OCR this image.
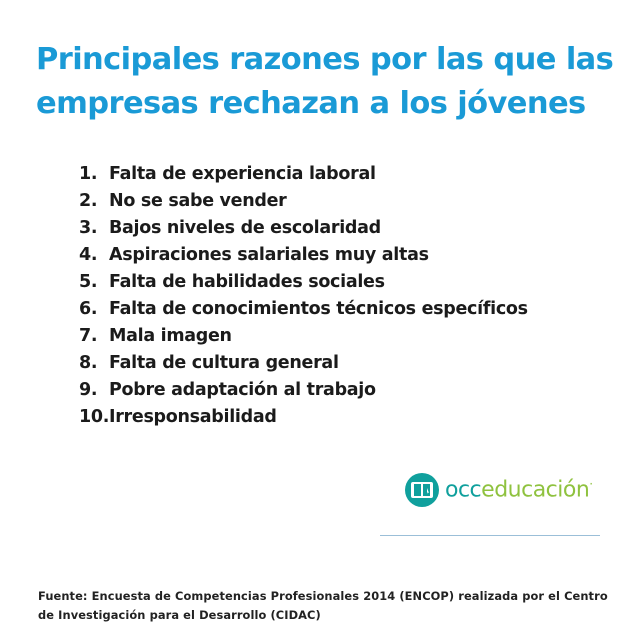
Principales razones por las que las
empresas rechazan a los jóvenes
1. Falta de experiencia laboral
2. No se sabe vender
3. Bajos niveles de escolaridad
4. Aspiraciones salariales muy altas
5. Falta de habilidades sociales
6. Falta de conocimientos técnicos específicos
7. Mala imagen
8. Falta de cultura general
9. Pobre adaptación al trabajo
10. Irresponsabilidad
occeducación·

Fuente: Encuesta de Competencias Profesionales 2014 (ENCOP) realizada por el Centro
de Investigación para el Desarrollo (CIDAC)
